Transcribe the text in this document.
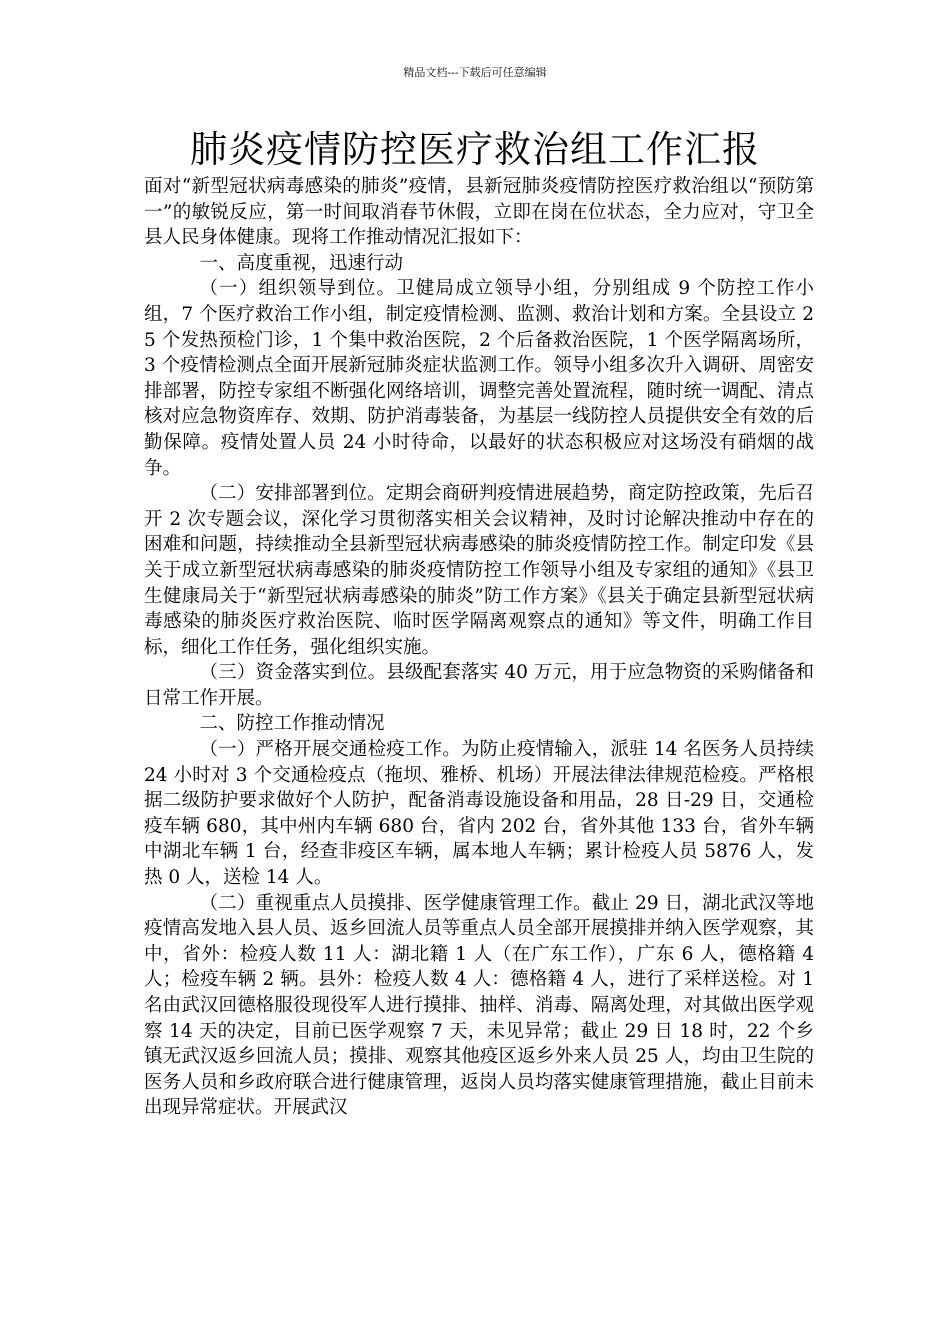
精品文档---下载后可任意编辑
肺炎疫情防控医疗救治组工作汇报

面对“新型冠状病毒感染的肺炎”疫情，县新冠肺炎疫情防控医疗救治组以“预防第一”的敏锐反应，第一时间取消春节休假，立即在岗在位状态，全力应对，守卫全县人民身体健康。现将工作推动情况汇报如下：

一、高度重视，迅速行动

（一）组织领导到位。卫健局成立领导小组，分别组成 9 个防控工作小组，7 个医疗救治工作小组，制定疫情检测、监测、救治计划和方案。全县设立 25 个发热预检门诊，1 个集中救治医院，2 个后备救治医院，1 个医学隔离场所，3 个疫情检测点全面开展新冠肺炎症状监测工作。领导小组多次升入调研、周密安排部署，防控专家组不断强化网络培训，调整完善处置流程，随时统一调配、清点核对应急物资库存、效期、防护消毒装备，为基层一线防控人员提供安全有效的后勤保障。疫情处置人员 24 小时待命，以最好的状态积极应对这场没有硝烟的战争。

（二）安排部署到位。定期会商研判疫情进展趋势，商定防控政策，先后召开 2 次专题会议，深化学习贯彻落实相关会议精神，及时讨论解决推动中存在的困难和问题，持续推动全县新型冠状病毒感染的肺炎疫情防控工作。制定印发《县关于成立新型冠状病毒感染的肺炎疫情防控工作领导小组及专家组的通知》《县卫生健康局关于“新型冠状病毒感染的肺炎”防工作方案》《县关于确定县新型冠状病毒感染的肺炎医疗救治医院、临时医学隔离观察点的通知》等文件，明确工作目标，细化工作任务，强化组织实施。

（三）资金落实到位。县级配套落实 40 万元，用于应急物资的采购储备和日常工作开展。

二、防控工作推动情况

（一）严格开展交通检疫工作。为防止疫情输入，派驻 14 名医务人员持续 24 小时对 3 个交通检疫点（拖坝、雅桥、机场）开展法律法律规范检疫。严格根据二级防护要求做好个人防护，配备消毒设施设备和用品，28 日-29 日，交通检疫车辆 680，其中州内车辆 680 台，省内 202 台，省外其他 133 台，省外车辆中湖北车辆 1 台，经查非疫区车辆，属本地人车辆；累计检疫人员 5876 人，发热 0 人，送检 14 人。

（二）重视重点人员摸排、医学健康管理工作。截止 29 日，湖北武汉等地疫情高发地入县人员、返乡回流人员等重点人员全部开展摸排并纳入医学观察，其中，省外：检疫人数 11 人：湖北籍 1 人（在广东工作），广东 6 人，德格籍 4 人；检疫车辆 2 辆。县外：检疫人数 4 人：德格籍 4 人，进行了采样送检。对 1 名由武汉回德格服役现役军人进行摸排、抽样、消毒、隔离处理，对其做出医学观察 14 天的决定，目前已医学观察 7 天，未见异常；截止 29 日 18 时，22 个乡镇无武汉返乡回流人员；摸排、观察其他疫区返乡外来人员 25 人，均由卫生院的医务人员和乡政府联合进行健康管理，返岗人员均落实健康管理措施，截止目前未出现异常症状。开展武汉
